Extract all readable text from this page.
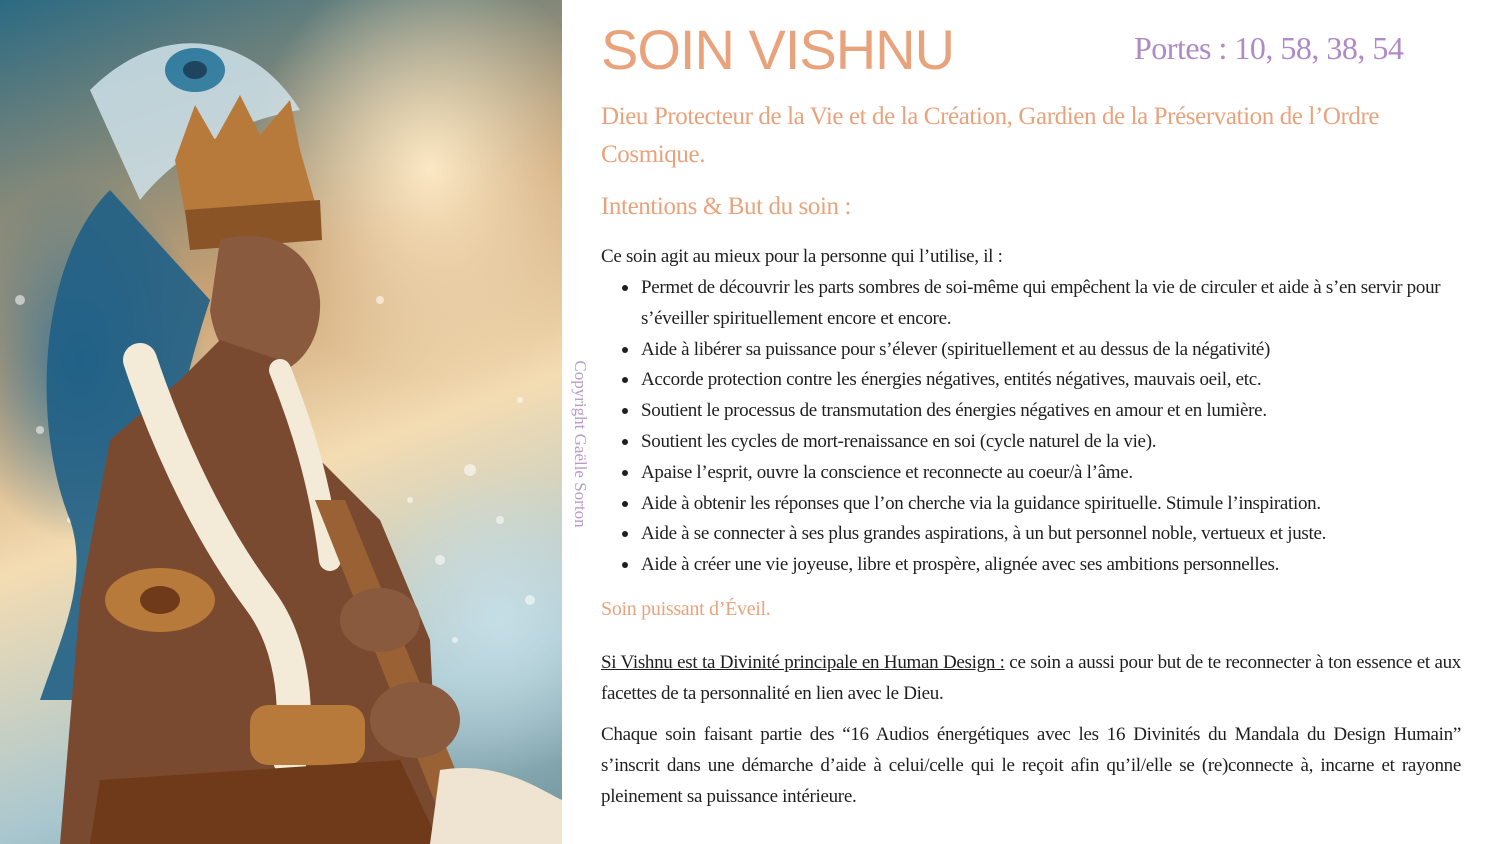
Copyright Gaëlle Sorton
SOIN VISHNU	Portes : 10, 58, 38, 54
Dieu Protecteur de la Vie et de la Création, Gardien de la Préservation de l’Ordre Cosmique.
Intentions & But du soin :
Ce soin agit au mieux pour la personne qui l’utilise, il :
Permet de découvrir les parts sombres de soi-même qui empêchent la vie de circuler et aide à s’en servir pour s’éveiller spirituellement encore et encore.
Aide à libérer sa puissance pour s’élever (spirituellement et au dessus de la négativité)
Accorde protection contre les énergies négatives, entités négatives, mauvais oeil, etc.
Soutient le processus de transmutation des énergies négatives en amour et en lumière.
Soutient les cycles de mort-renaissance en soi (cycle naturel de la vie).
Apaise l’esprit, ouvre la conscience et reconnecte au coeur/à l’âme.
Aide à obtenir les réponses que l’on cherche via la guidance spirituelle. Stimule l’inspiration.
Aide à se connecter à ses plus grandes aspirations, à un but personnel noble, vertueux et juste.
Aide à créer une vie joyeuse, libre et prospère, alignée avec ses ambitions personnelles.
Soin puissant d’Éveil.

Si Vishnu est ta Divinité principale en Human Design : ce soin a aussi pour but de te reconnecter à ton essence et aux facettes de ta personnalité en lien avec le Dieu.

Chaque soin faisant partie des “16 Audios énergétiques avec les 16 Divinités du Mandala du Design Humain” s’inscrit dans une démarche d’aide à celui/celle qui le reçoit afin qu’il/elle se (re)connecte à, incarne et rayonne pleinement sa puissance intérieure.
